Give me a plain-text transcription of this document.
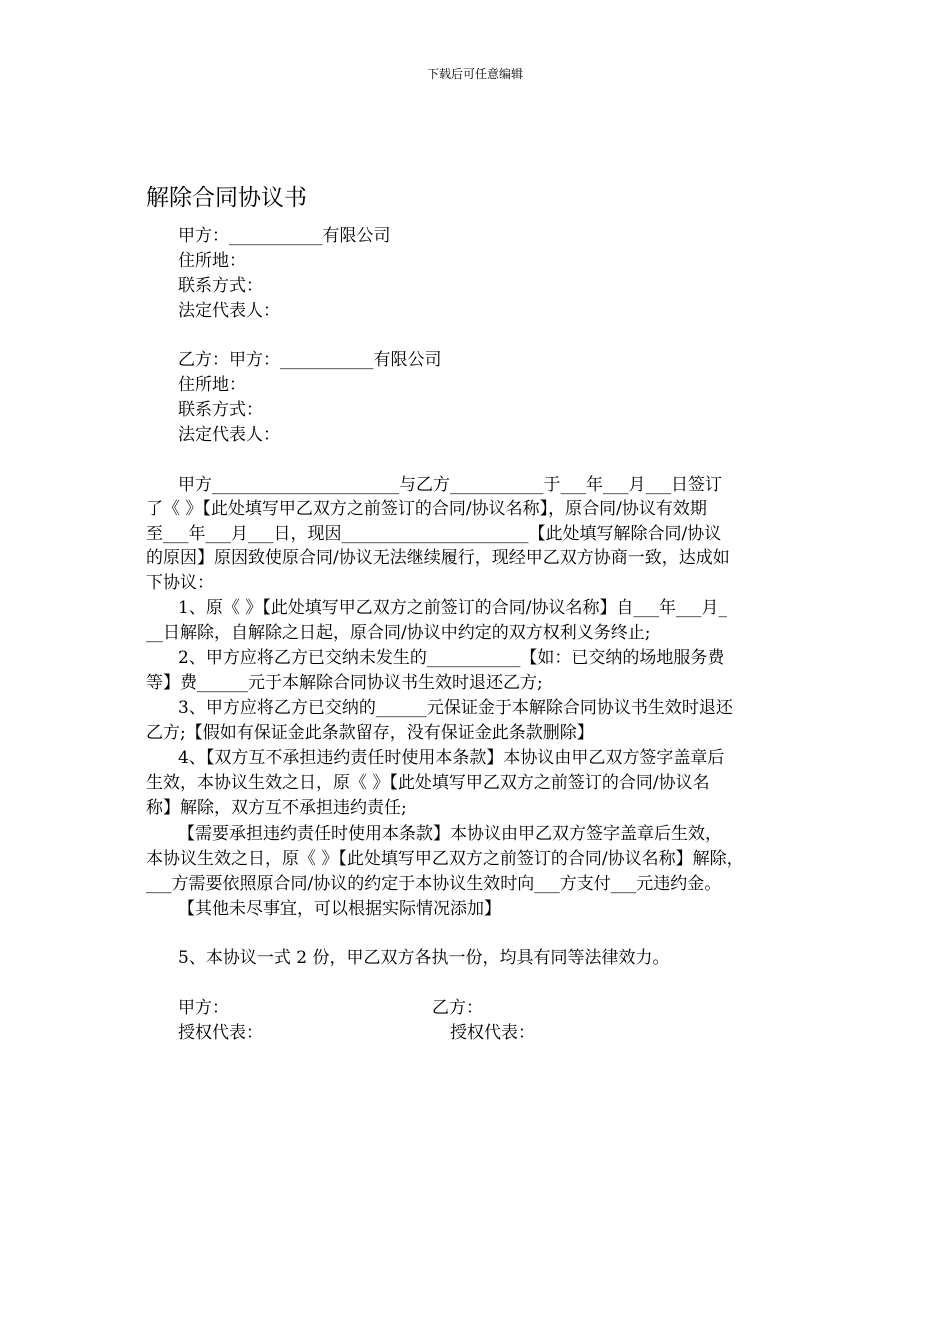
下载后可任意编辑
解除合同协议书
甲方：___________有限公司
住所地：
联系方式：
法定代表人：
乙方：甲方：___________有限公司
住所地：
联系方式：
法定代表人：
甲方______________________与乙方___________于___年___月___日签订
了《 》【此处填写甲乙双方之前签订的合同/协议名称】，原合同/协议有效期
至___年___月___日，现因______________________【此处填写解除合同/协议
的原因】原因致使原合同/协议无法继续履行，现经甲乙双方协商一致，达成如
下协议：
1、原《 》【此处填写甲乙双方之前签订的合同/协议名称】自___年___月_
__日解除，自解除之日起，原合同/协议中约定的双方权利义务终止;
2、甲方应将乙方已交纳未发生的___________【如：已交纳的场地服务费
等】费______元于本解除合同协议书生效时退还乙方;
3、甲方应将乙方已交纳的______元保证金于本解除合同协议书生效时退还
乙方;【假如有保证金此条款留存，没有保证金此条款删除】
4、【双方互不承担违约责任时使用本条款】本协议由甲乙双方签字盖章后
生效，本协议生效之日，原《 》【此处填写甲乙双方之前签订的合同/协议名
称】解除，双方互不承担违约责任;
【需要承担违约责任时使用本条款】本协议由甲乙双方签字盖章后生效，
本协议生效之日，原《 》【此处填写甲乙双方之前签订的合同/协议名称】解除，
___方需要依照原合同/协议的约定于本协议生效时向___方支付___元违约金。
【其他未尽事宜，可以根据实际情况添加】
5、本协议一式 2 份，甲乙双方各执一份，均具有同等法律效力。
甲方：	乙方：
授权代表：	授权代表：
